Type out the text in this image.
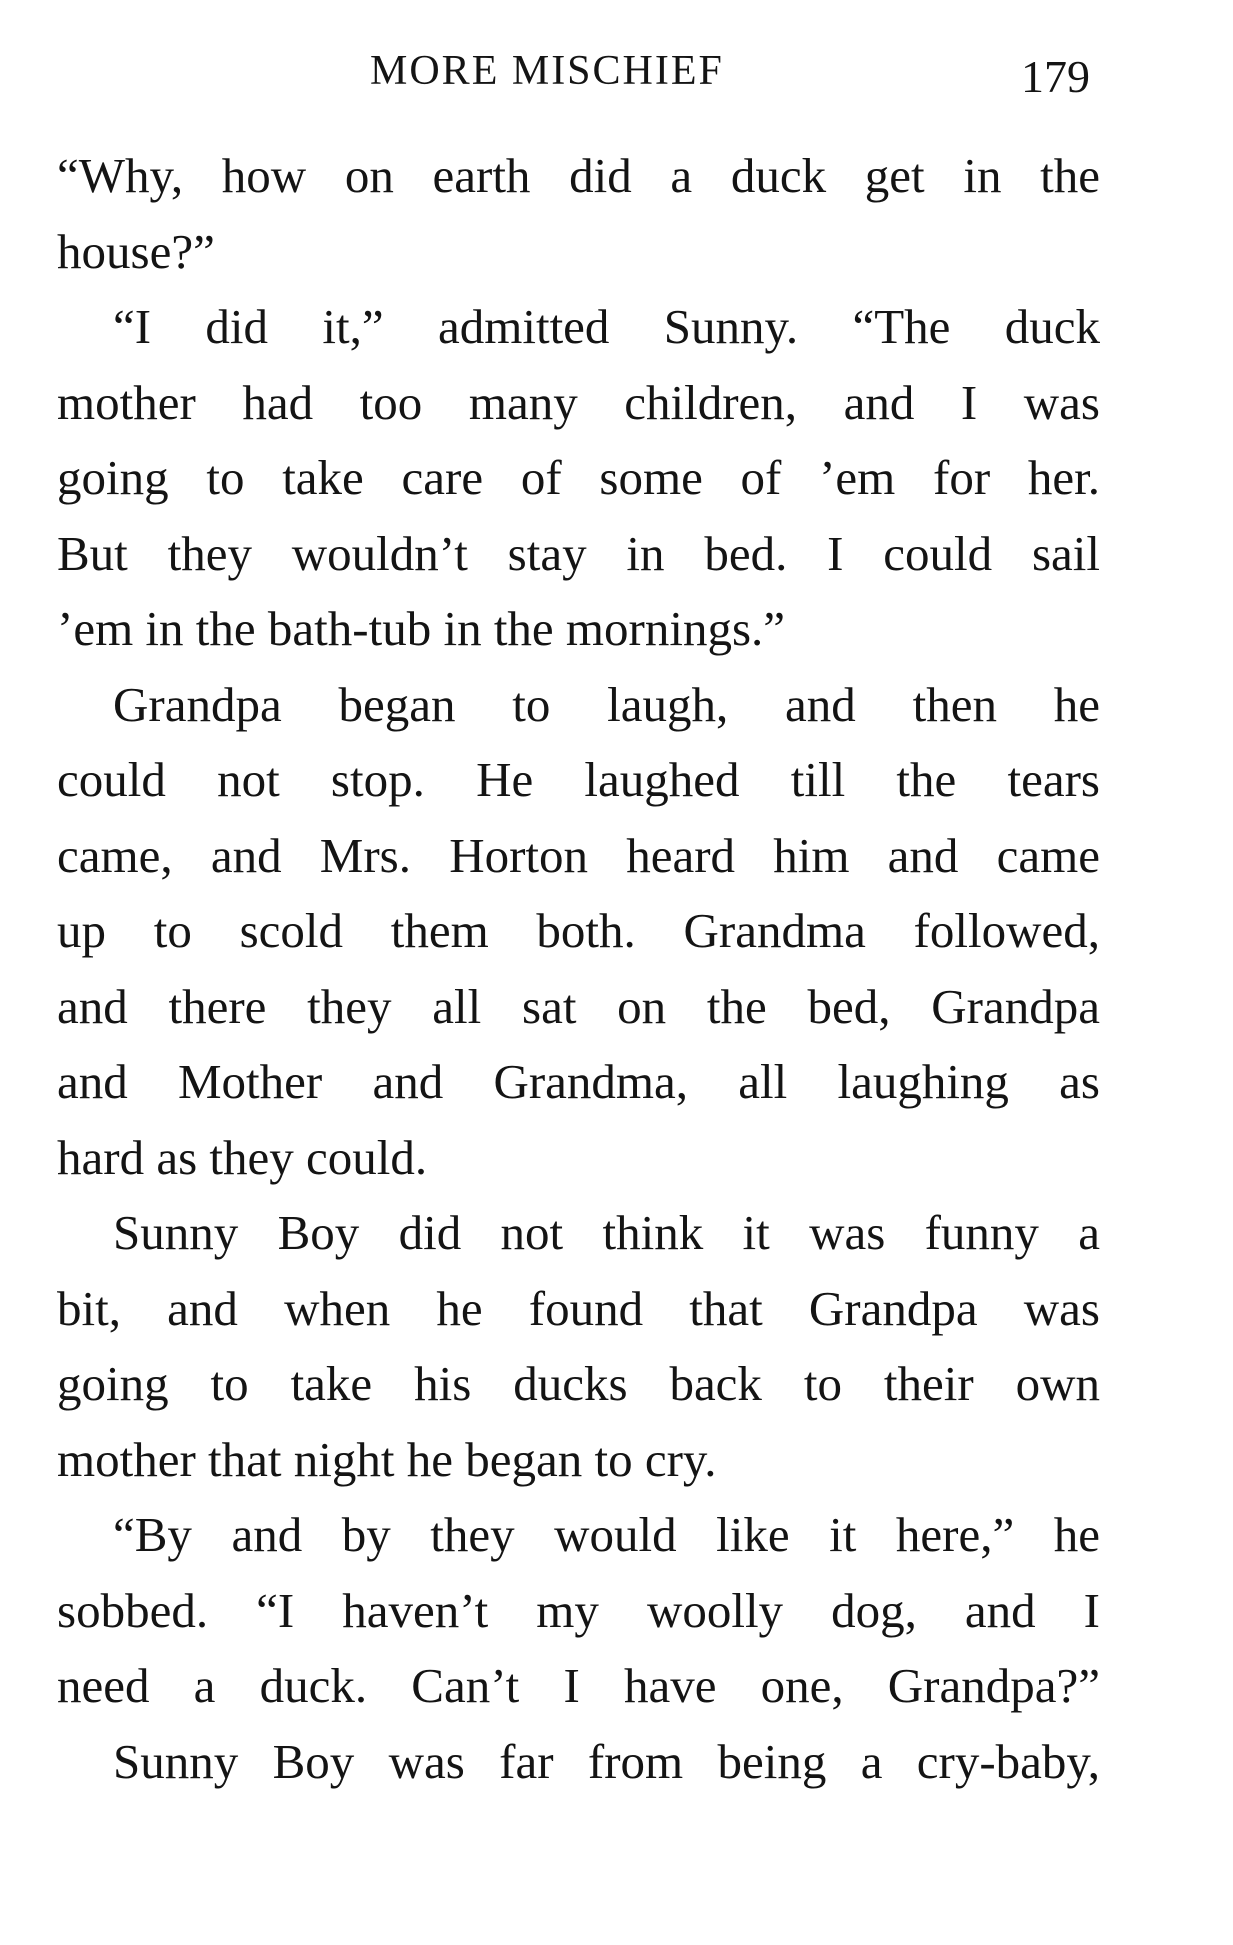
MORE MISCHIEF	179
“Why, how on earth did a duck get in the
house?”
“I did it,” admitted Sunny. “The duck
mother had too many children, and I was
going to take care of some of ’em for her.
But they wouldn’t stay in bed. I could sail
’em in the bath-tub in the mornings.”
Grandpa began to laugh, and then he
could not stop. He laughed till the tears
came, and Mrs. Horton heard him and came
up to scold them both. Grandma followed,
and there they all sat on the bed, Grandpa
and Mother and Grandma, all laughing as
hard as they could.
Sunny Boy did not think it was funny a
bit, and when he found that Grandpa was
going to take his ducks back to their own
mother that night he began to cry.
“By and by they would like it here,” he
sobbed. “I haven’t my woolly dog, and I
need a duck. Can’t I have one, Grandpa?”
Sunny Boy was far from being a cry-baby,
